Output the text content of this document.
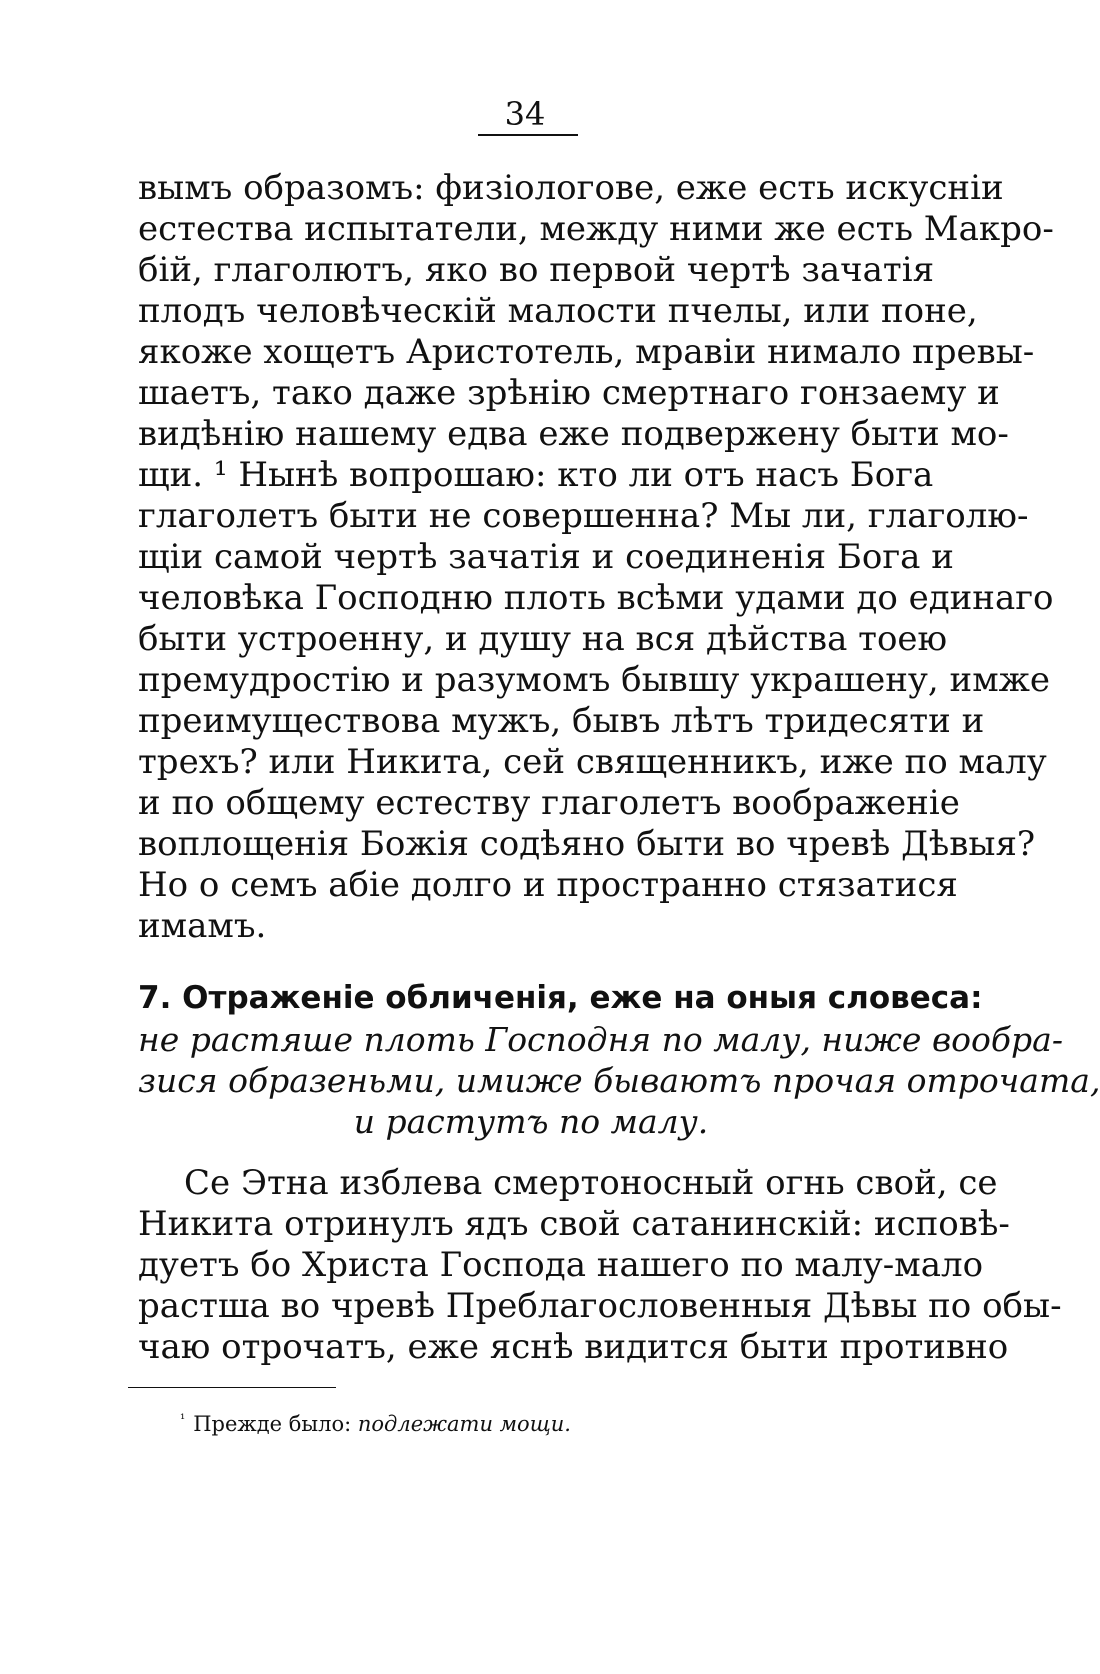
34
вымъ образомъ: физіологове, еже есть искусніи
естества испытатели, между ними же есть Макро-
бій, глаголютъ, яко во первой чертѣ зачатія
плодъ человѣческій малости пчелы, или поне,
якоже хощетъ Аристотель, мравіи нимало превы-
шаетъ, тако даже зрѣнію смертнаго гонзаему и
видѣнію нашему едва еже подвержену быти мо-
щи. ¹ Нынѣ вопрошаю: кто ли отъ насъ Бога
глаголетъ быти не совершенна? Мы ли, глаголю-
щіи самой чертѣ зачатія и соединенія Бога и
человѣка Господню плоть всѣми удами до единаго
быти устроенну, и душу на вся дѣйства тоею
премудростію и разумомъ бывшу украшену, имже
преимуществова мужъ, бывъ лѣтъ тридесяти и
трехъ? или Никита, сей священникъ, иже по малу
и по общему естеству глаголетъ воображеніе
воплощенія Божія содѣяно быти во чревѣ Дѣвыя?
Но о семъ абіе долго и пространно стязатися
имамъ.
7. Отраженіе обличенія, еже на оныя словеса:
не растяше плоть Господня по малу, ниже вообра-
зися образеньми, имиже бываютъ прочая отрочата,
и растутъ по малу.
Се Этна изблева смертоносный огнь свой, се
Никита отринулъ ядъ свой сатанинскій: исповѣ-
дуетъ бо Христа Господа нашего по малу-мало
растша во чревѣ Преблагословенныя Дѣвы по обы-
чаю отрочатъ, еже яснѣ видится быти противно
$^{^1}$ Прежде было: подлежати мощи.
